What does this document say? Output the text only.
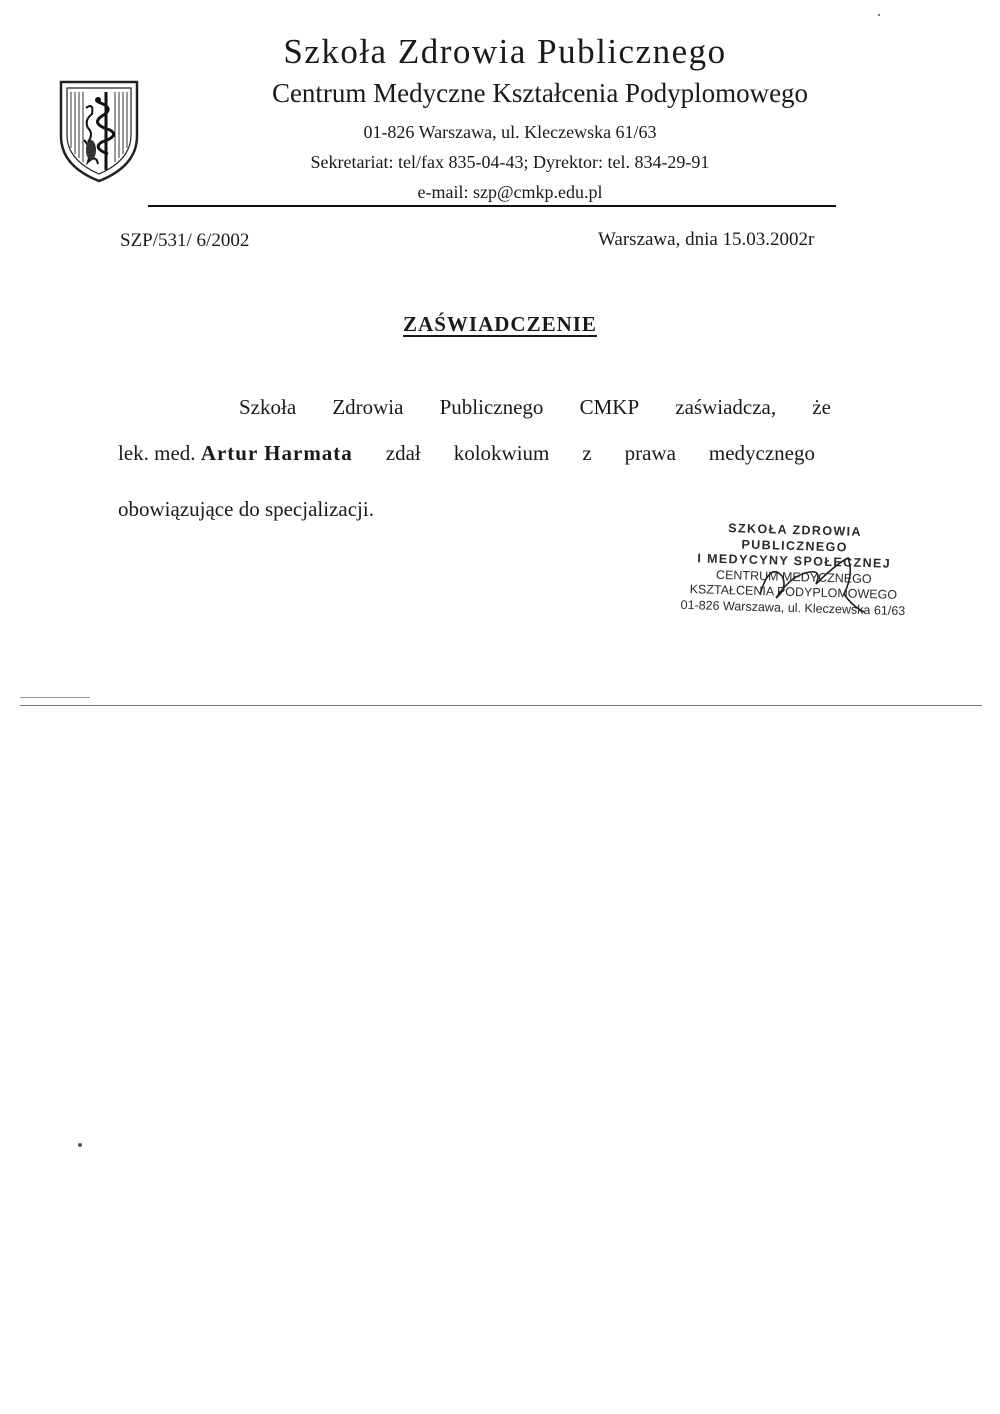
Szkoła Zdrowia Publicznego
Centrum Medyczne Kształcenia Podyplomowego
01-826 Warszawa, ul. Kleczewska 61/63
Sekretariat: tel/fax 835-04-43; Dyrektor: tel. 834-29-91
e-mail: szp@cmkp.edu.pl
SZP/531/ 6/2002	Warszawa, dnia 15.03.2002r
ZAŚWIADCZENIE
Szkoła Zdrowia Publicznego CMKP zaświadcza, że
lek. med. Artur Harmata zdał kolokwium z prawa medycznego
obowiązujące do specjalizacji.
SZKOŁA ZDROWIA PUBLICZNEGO
I MEDYCYNY SPOŁECZNEJ
CENTRUM MEDYCZNEGO
KSZTAŁCENIA PODYPLOMOWEGO
01-826 Warszawa, ul. Kleczewska 61/63
